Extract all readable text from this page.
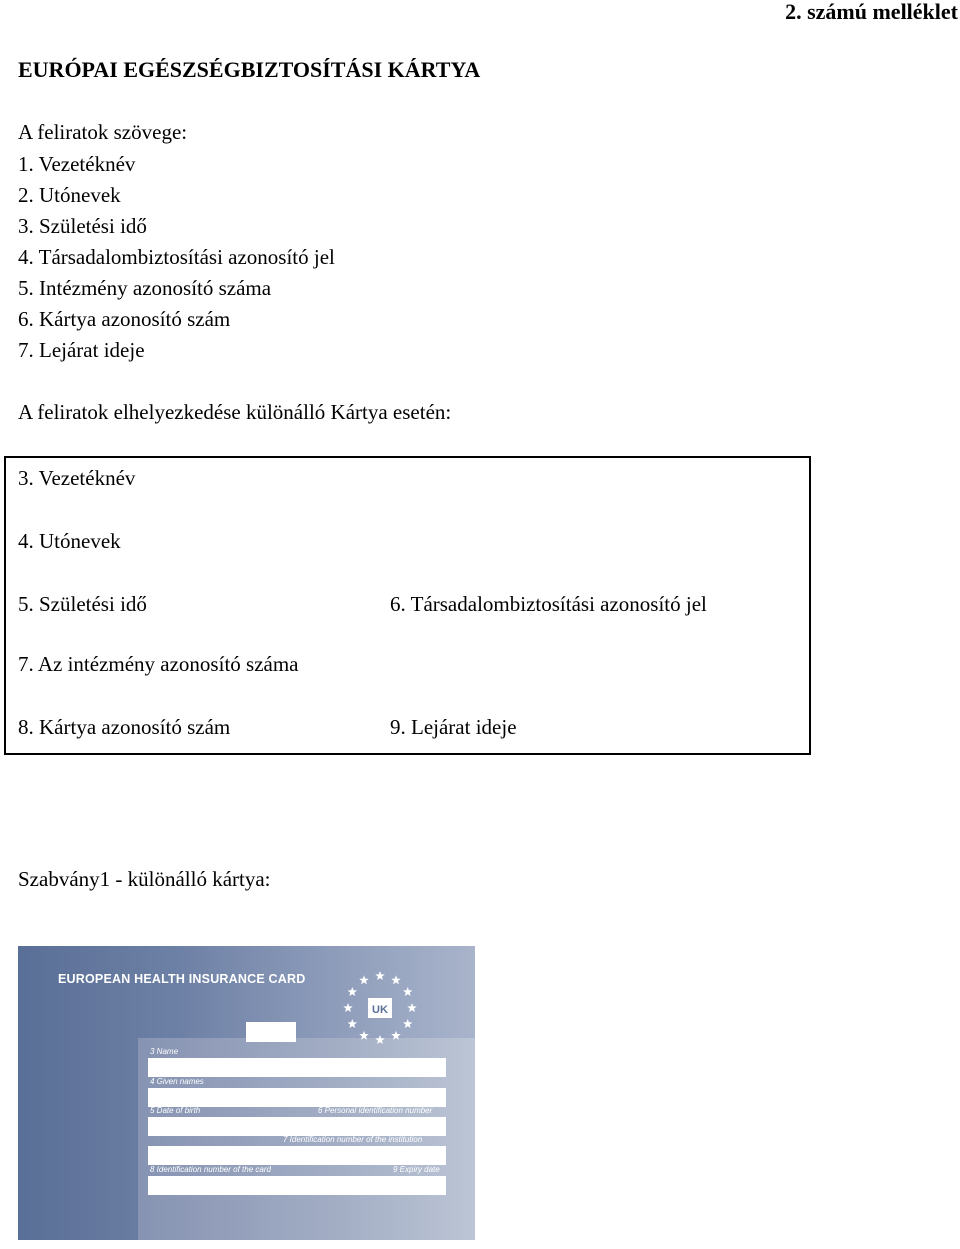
2. számú melléklet
EURÓPAI EGÉSZSÉGBIZTOSÍTÁSI KÁRTYA
A feliratok szövege:
1. Vezetéknév
2. Utónevek
3. Születési idő
4. Társadalombiztosítási azonosító jel
5. Intézmény azonosító száma
6. Kártya azonosító szám
7. Lejárat ideje
A feliratok elhelyezkedése különálló Kártya esetén:
3. Vezetéknév
4. Utónevek
5. Születési idő	6. Társadalombiztosítási azonosító jel
7. Az intézmény azonosító száma
8. Kártya azonosító szám	9. Lejárat ideje
Szabvány1 - különálló kártya:
EUROPEAN HEALTH INSURANCE CARD
UK
3 Name
4 Given names
5 Date of birth	6 Personal identification number
7 Identification number of the institution
8 Identification number of the card	9 Expiry date
